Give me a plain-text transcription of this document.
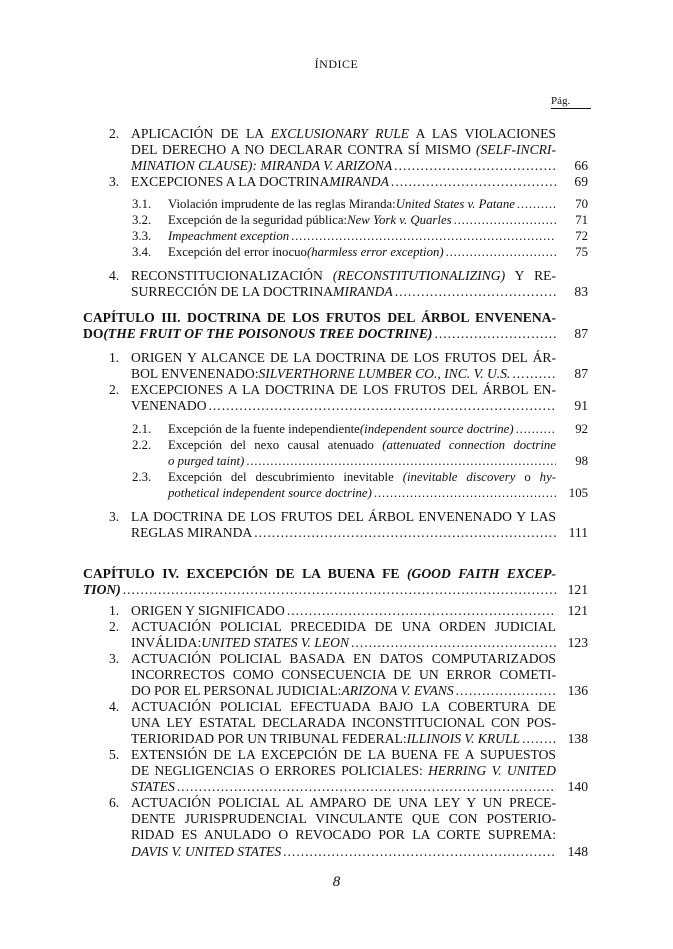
ÍNDICE
Pág.
2. APLICACIÓN DE LA EXCLUSIONARY RULE A LAS VIOLACIONES
DEL DERECHO A NO DECLARAR CONTRA SÍ MISMO (SELF-INCRI-
MINATION CLAUSE): MIRANDA V. ARIZONA . . .	66
3. EXCEPCIONES A LA DOCTRINA MIRANDA . . .	69
3.1.	Violación imprudente de las reglas Miranda: United States v. Patane . . .	70
3.2.	Excepción de la seguridad pública: New York v. Quarles . . .	71
3.3.	Impeachment exception . . .	72
3.4.	Excepción del error inocuo (harmless error exception) . . .	75
4. RECONSTITUCIONALIZACIÓN (RECONSTITUTIONALIZING) Y RE-
SURRECCIÓN DE LA DOCTRINA MIRANDA . . .	83
CAPÍTULO III. DOCTRINA DE LOS FRUTOS DEL ÁRBOL ENVENENA-
DO (THE FRUIT OF THE POISONOUS TREE DOCTRINE) . . .	87
1. ORIGEN Y ALCANCE DE LA DOCTRINA DE LOS FRUTOS DEL ÁR-
BOL ENVENENADO: SILVERTHORNE LUMBER CO., INC. V. U.S. . . .	87
2. EXCEPCIONES A LA DOCTRINA DE LOS FRUTOS DEL ÁRBOL EN-
VENENADO . . .	91
2.1.	Excepción de la fuente independiente (independent source doctrine) . . .	92
2.2.	Excepción del nexo causal atenuado (attenuated connection doctrine
o purged taint) . . .	98
2.3.	Excepción del descubrimiento inevitable (inevitable discovery o hy-
pothetical independent source doctrine) . . .	105
3. LA DOCTRINA DE LOS FRUTOS DEL ÁRBOL ENVENENADO Y LAS
REGLAS MIRANDA . . .	111
CAPÍTULO IV. EXCEPCIÓN DE LA BUENA FE (GOOD FAITH EXCEP-
TION) . . .	121
1. ORIGEN Y SIGNIFICADO . . .	121
2. ACTUACIÓN POLICIAL PRECEDIDA DE UNA ORDEN JUDICIAL
INVÁLIDA: UNITED STATES V. LEON . . .	123
3. ACTUACIÓN POLICIAL BASADA EN DATOS COMPUTARIZADOS
INCORRECTOS COMO CONSECUENCIA DE UN ERROR COMETI-
DO POR EL PERSONAL JUDICIAL: ARIZONA V. EVANS . . .	136
4. ACTUACIÓN POLICIAL EFECTUADA BAJO LA COBERTURA DE
UNA LEY ESTATAL DECLARADA INCONSTITUCIONAL CON POS-
TERIORIDAD POR UN TRIBUNAL FEDERAL: ILLINOIS V. KRULL . . .	138
5. EXTENSIÓN DE LA EXCEPCIÓN DE LA BUENA FE A SUPUESTOS
DE NEGLIGENCIAS O ERRORES POLICIALES: HERRING V. UNITED
STATES . . .	140
6. ACTUACIÓN POLICIAL AL AMPARO DE UNA LEY Y UN PRECE-
DENTE JURISPRUDENCIAL VINCULANTE QUE CON POSTERIO-
RIDAD ES ANULADO O REVOCADO POR LA CORTE SUPREMA:
DAVIS V. UNITED STATES . . .	148
8
